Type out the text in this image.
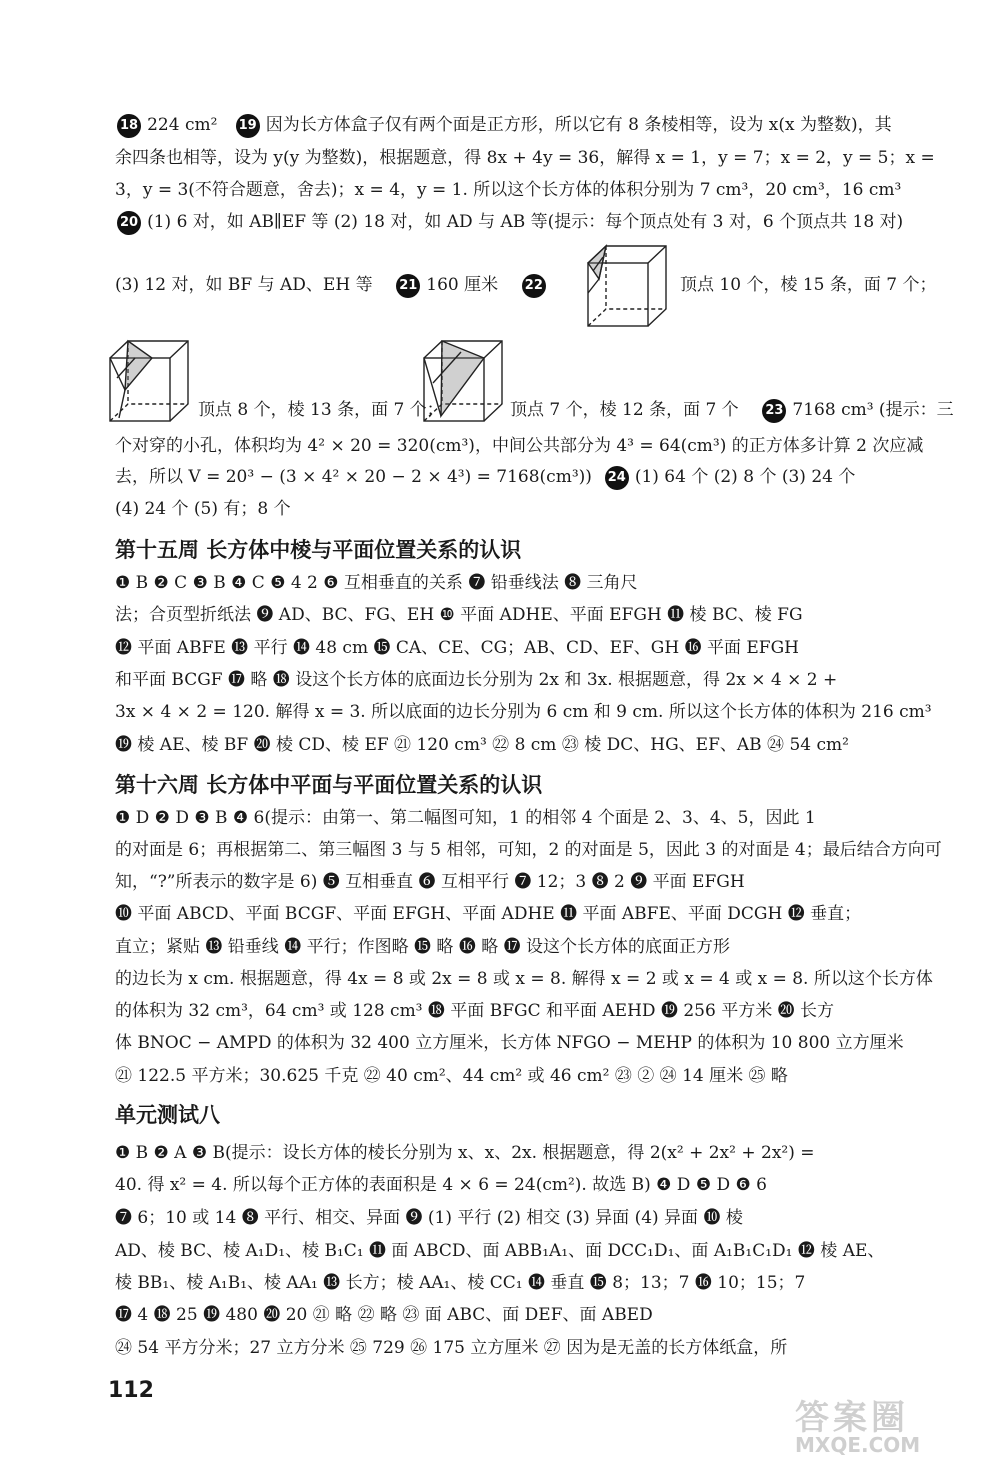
18 224 cm² 19 因为长方体盒子仅有两个面是正方形，所以它有 8 条棱相等，设为 x(x 为整数)，其
余四条也相等，设为 y(y 为整数)，根据题意，得 8x + 4y = 36，解得 x = 1，y = 7；x = 2，y = 5；x =
3，y = 3(不符合题意，舍去)；x = 4，y = 1. 所以这个长方体的体积分别为 7 cm³，20 cm³，16 cm³
20 (1) 6 对，如 AB∥EF 等 (2) 18 对，如 AD 与 AB 等(提示：每个顶点处有 3 对，6 个顶点共 18 对)
(3) 12 对，如 BF 与 AD、EH 等 21 160 厘米 22	顶点 10 个，棱 15 条，面 7 个；
顶点 8 个，棱 13 条，面 7 个；	顶点 7 个，棱 12 条，面 7 个 23 7168 cm³ (提示：三
个对穿的小孔，体积均为 4² × 20 = 320(cm³)，中间公共部分为 4³ = 64(cm³) 的正方体多计算 2 次应减
去，所以 V = 20³ − (3 × 4² × 20 − 2 × 4³) = 7168(cm³)) 24 (1) 64 个 (2) 8 个 (3) 24 个
(4) 24 个 (5) 有；8 个
第十五周 长方体中棱与平面位置关系的认识
❶ B ❷ C ❸ B ❹ C ❺ 4 2 ❻ 互相垂直的关系 ❼ 铅垂线法 ❽ 三角尺
法；合页型折纸法 ❾ AD、BC、FG、EH ❿ 平面 ADHE、平面 EFGH ⓫ 棱 BC、棱 FG
⓬ 平面 ABFE ⓭ 平行 ⓮ 48 cm ⓯ CA、CE、CG；AB、CD、EF、GH ⓰ 平面 EFGH
和平面 BCGF ⓱ 略 ⓲ 设这个长方体的底面边长分别为 2x 和 3x. 根据题意，得 2x × 4 × 2 +
3x × 4 × 2 = 120. 解得 x = 3. 所以底面的边长分别为 6 cm 和 9 cm. 所以这个长方体的体积为 216 cm³
⓳ 棱 AE、棱 BF ⓴ 棱 CD、棱 EF ㉑ 120 cm³ ㉒ 8 cm ㉓ 棱 DC、HG、EF、AB ㉔ 54 cm²
第十六周 长方体中平面与平面位置关系的认识
❶ D ❷ D ❸ B ❹ 6(提示：由第一、第二幅图可知，1 的相邻 4 个面是 2、3、4、5，因此 1
的对面是 6；再根据第二、第三幅图 3 与 5 相邻，可知，2 的对面是 5，因此 3 的对面是 4；最后结合方向可
知，“?”所表示的数字是 6) ❺ 互相垂直 ❻ 互相平行 ❼ 12；3 ❽ 2 ❾ 平面 EFGH
❿ 平面 ABCD、平面 BCGF、平面 EFGH、平面 ADHE ⓫ 平面 ABFE、平面 DCGH ⓬ 垂直；
直立；紧贴 ⓭ 铅垂线 ⓮ 平行；作图略 ⓯ 略 ⓰ 略 ⓱ 设这个长方体的底面正方形
的边长为 x cm. 根据题意，得 4x = 8 或 2x = 8 或 x = 8. 解得 x = 2 或 x = 4 或 x = 8. 所以这个长方体
的体积为 32 cm³，64 cm³ 或 128 cm³ ⓲ 平面 BFGC 和平面 AEHD ⓳ 256 平方米 ⓴ 长方
体 BNOC − AMPD 的体积为 32 400 立方厘米，长方体 NFGO − MEHP 的体积为 10 800 立方厘米
㉑ 122.5 平方米；30.625 千克 ㉒ 40 cm²、44 cm² 或 46 cm² ㉓ ② ㉔ 14 厘米 ㉕ 略
单元测试八
❶ B ❷ A ❸ B(提示：设长方体的棱长分别为 x、x、2x. 根据题意，得 2(x² + 2x² + 2x²) =
40. 得 x² = 4. 所以每个正方体的表面积是 4 × 6 = 24(cm²). 故选 B) ❹ D ❺ D ❻ 6
❼ 6；10 或 14 ❽ 平行、相交、异面 ❾ (1) 平行 (2) 相交 (3) 异面 (4) 异面 ❿ 棱
AD、棱 BC、棱 A₁D₁、棱 B₁C₁ ⓫ 面 ABCD、面 ABB₁A₁、面 DCC₁D₁、面 A₁B₁C₁D₁ ⓬ 棱 AE、
棱 BB₁、棱 A₁B₁、棱 AA₁ ⓭ 长方；棱 AA₁、棱 CC₁ ⓮ 垂直 ⓯ 8；13；7 ⓰ 10；15；7
⓱ 4 ⓲ 25 ⓳ 480 ⓴ 20 ㉑ 略 ㉒ 略 ㉓ 面 ABC、面 DEF、面 ABED
㉔ 54 平方分米；27 立方分米 ㉕ 729 ㉖ 175 立方厘米 ㉗ 因为是无盖的长方体纸盒，所
112
答案圈
MXQE.COM
